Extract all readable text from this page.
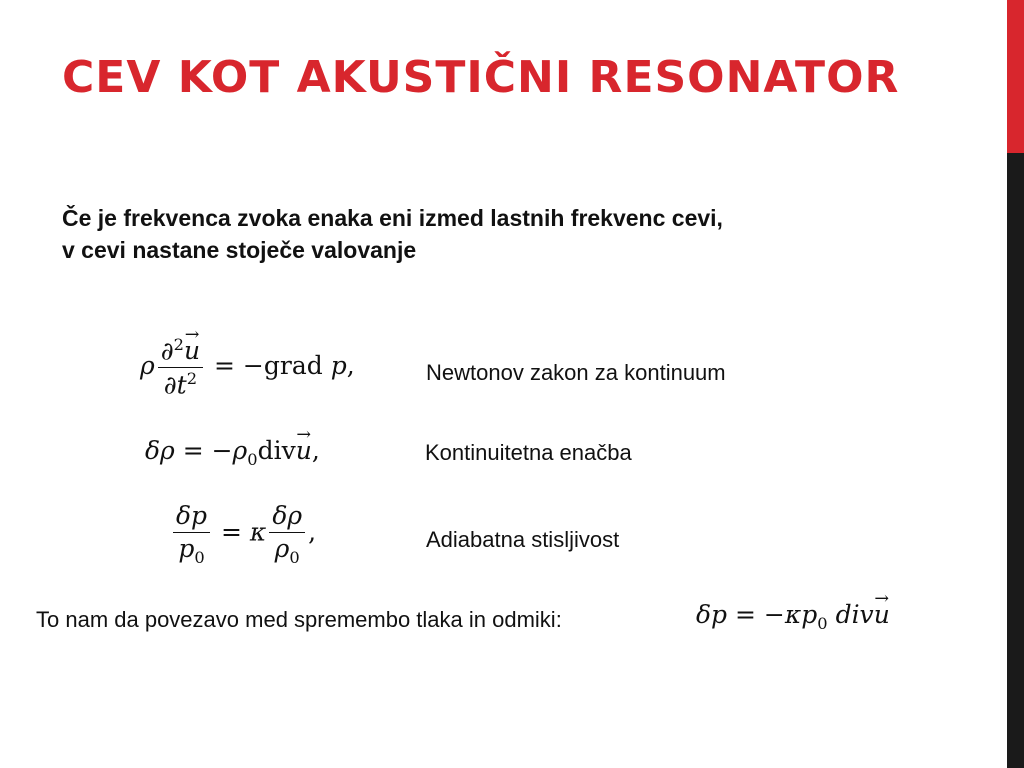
CEV KOT AKUSTIČNI RESONATOR
Če je frekvenca zvoka enaka eni izmed lastnih frekvenc cevi,
v cevi nastane stoječe valovanje
ρ $\frac{\partial^2u \to}{\partial t^2}$ = −grad p,	Newtonov zakon za kontinuum
$\delta\rho = -\rho_0divu$ →,	Kontinuitetna enačba
$\frac{\delta p}{p_0} = \kappa \frac{\delta\rho}{\rho_0}$ ,	Adiabatna stisljivost
To nam da povezavo med spremembo tlaka in odmiki:	$\delta p = -\kappa p_0$ divu →
